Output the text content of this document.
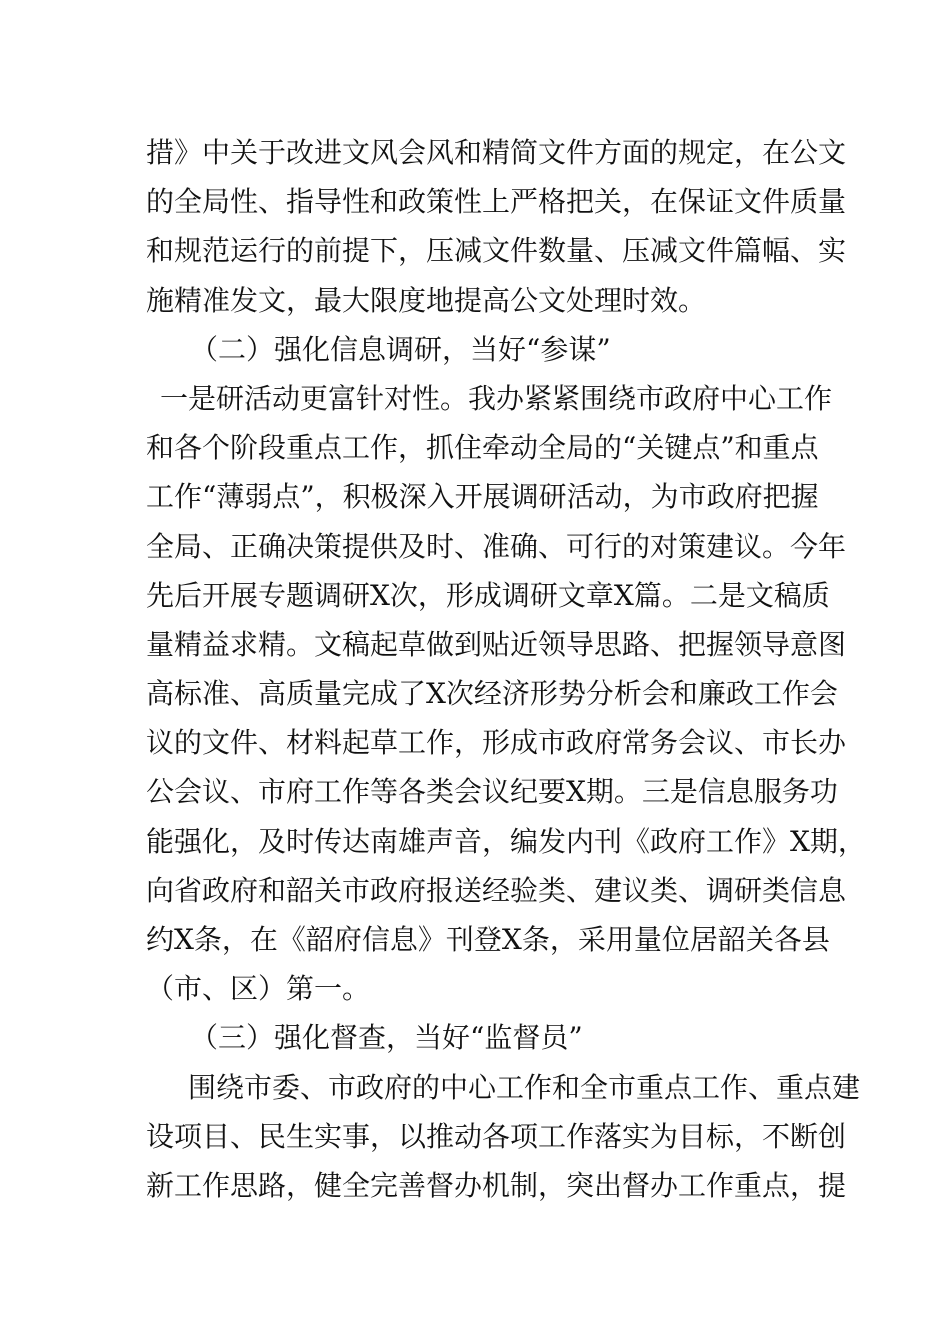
措》中关于改进文风会风和精简文件方面的规定，在公文
的全局性、指导性和政策性上严格把关，在保证文件质量
和规范运行的前提下，压减文件数量、压减文件篇幅、实
施精准发文，最大限度地提高公文处理时效。
（二）强化信息调研，当好“参谋”
一是研活动更富针对性。我办紧紧围绕市政府中心工作
和各个阶段重点工作，抓住牵动全局的“关键点”和重点
工作“薄弱点”，积极深入开展调研活动，为市政府把握
全局、正确决策提供及时、准确、可行的对策建议。今年
先后开展专题调研X次，形成调研文章X篇。二是文稿质
量精益求精。文稿起草做到贴近领导思路、把握领导意图
高标准、高质量完成了X次经济形势分析会和廉政工作会
议的文件、材料起草工作，形成市政府常务会议、市长办
公会议、市府工作等各类会议纪要X期。三是信息服务功
能强化，及时传达南雄声音，编发内刊《政府工作》X期，
向省政府和韶关市政府报送经验类、建议类、调研类信息
约X条，在《韶府信息》刊登X条，采用量位居韶关各县
（市、区）第一。
（三）强化督查，当好“监督员”
围绕市委、市政府的中心工作和全市重点工作、重点建
设项目、民生实事，以推动各项工作落实为目标，不断创
新工作思路，健全完善督办机制，突出督办工作重点，提
